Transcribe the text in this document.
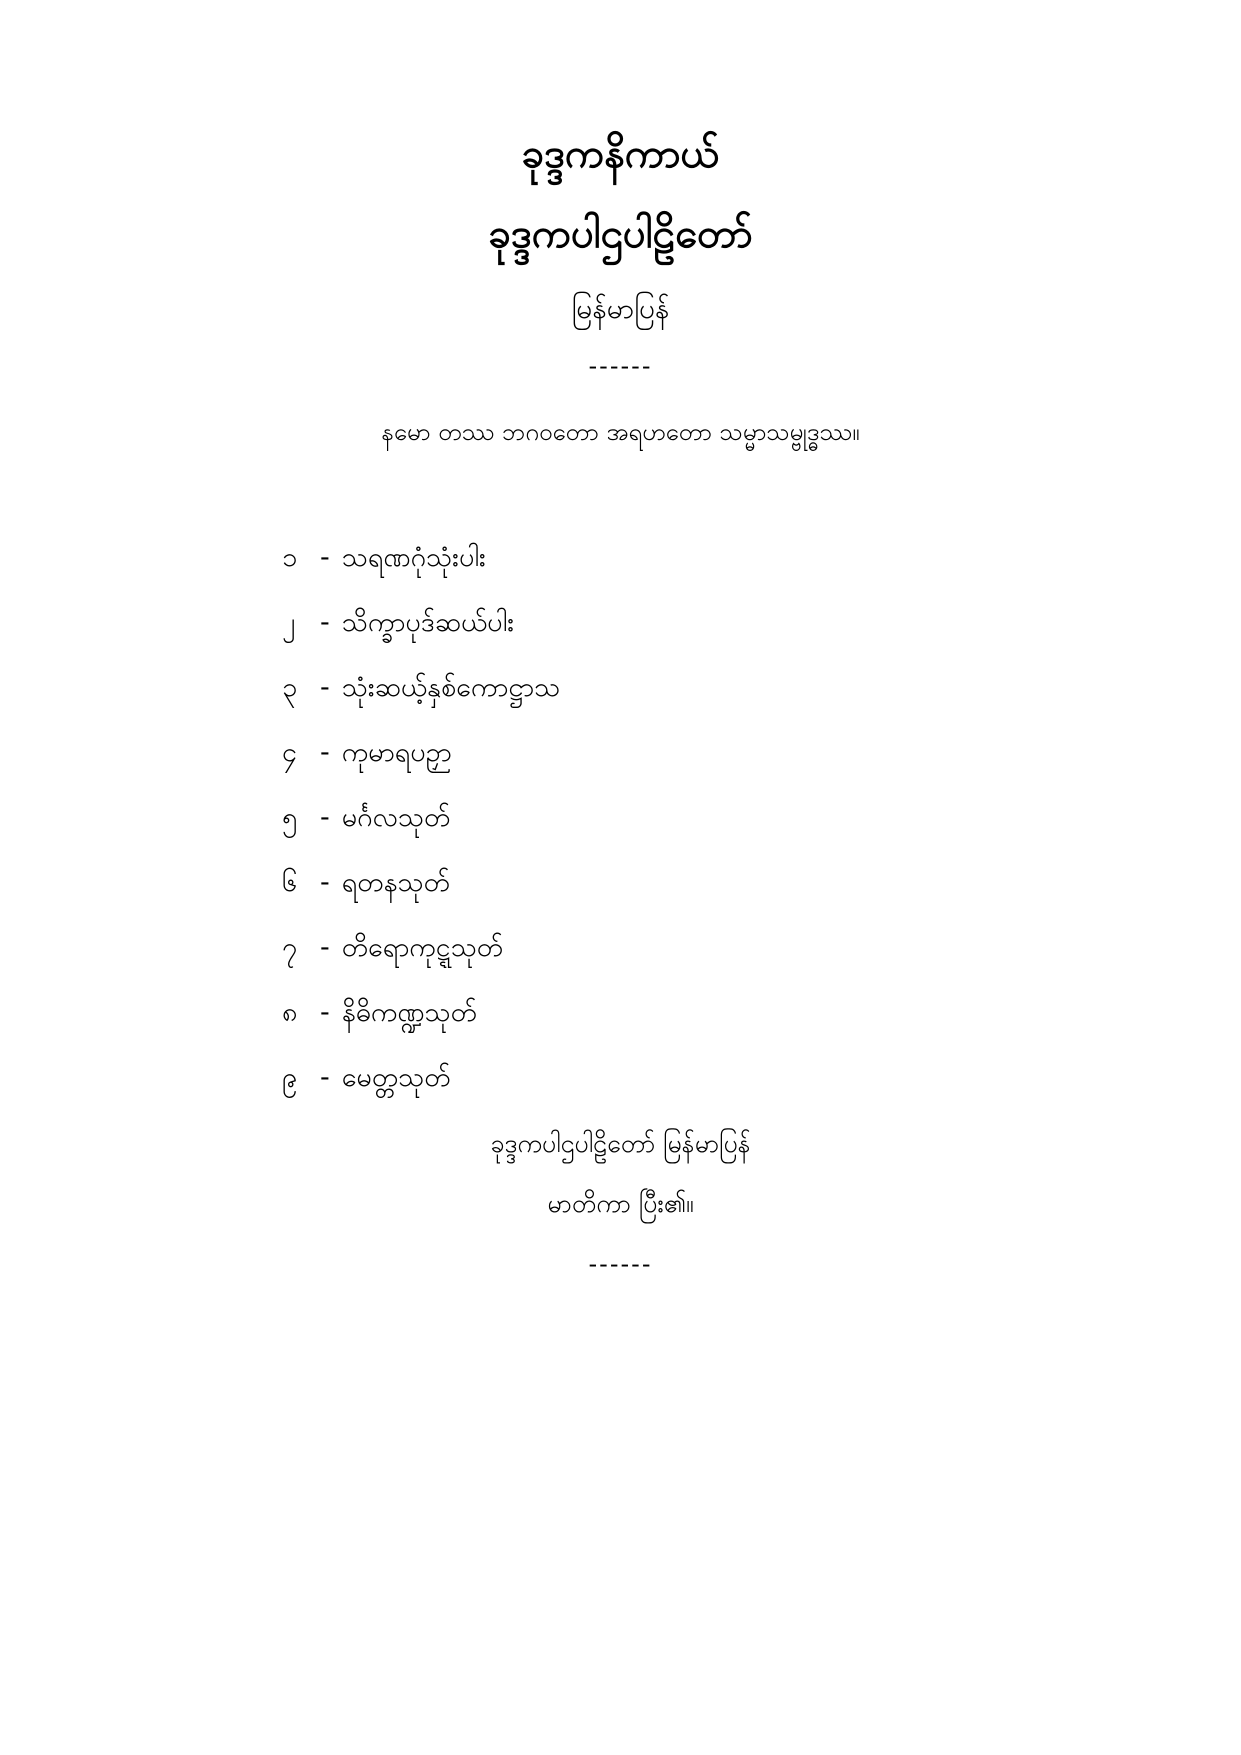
ခုဒ္ဒကနိကာယ်
ခုဒ္ဒကပါဌပါဠိတော်
မြန်မာပြန်
------
နမော တဿ ဘဂဝတော အရဟတော သမ္မာသမ္ဗုဒ္ဓဿ။
၁ - သရဏဂုံသုံးပါး
၂ - သိက္ခာပုဒ်ဆယ်ပါး
၃ - သုံးဆယ့်နှစ်ကောဋ္ဌာသ
၄ - ကုမာရပဉှာ
၅ - မင်္ဂလသုတ်
၆ - ရတနသုတ်
၇ - တိရောကုဋ္ဋသုတ်
၈ - နိဓိကဏ္ဍသုတ်
၉ - မေတ္တသုတ်
ခုဒ္ဒကပါဌပါဠိတော် မြန်မာပြန်
မာတိကာ ပြီး၏။
------
